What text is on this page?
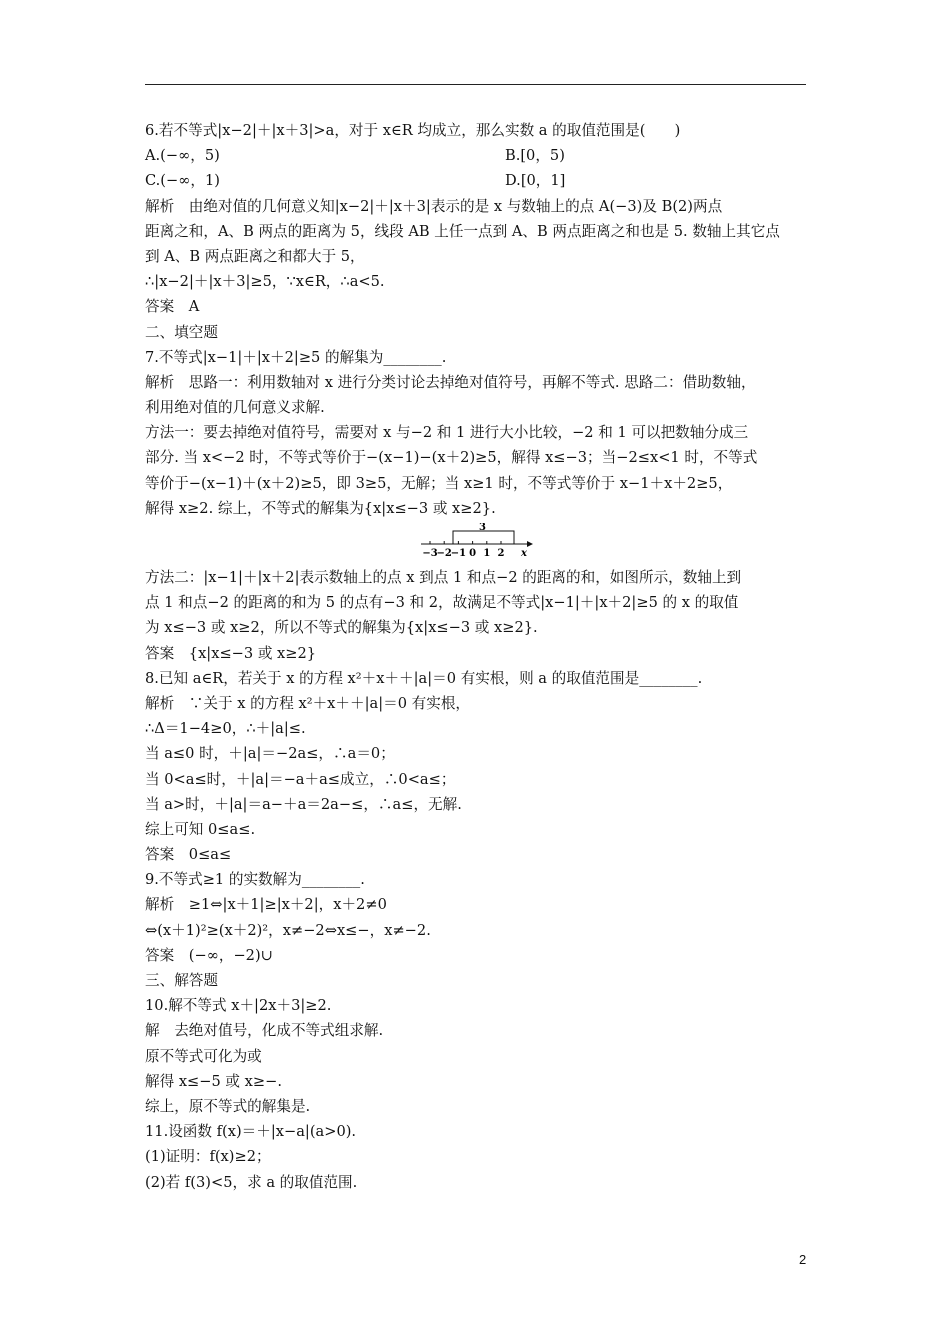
6.若不等式|x−2|＋|x＋3|>a，对于 x∈R 均成立，那么实数 a 的取值范围是(　　)
A.(−∞，5)	B.[0，5)
C.(−∞，1)	D.[0，1]
解析　由绝对值的几何意义知|x−2|＋|x＋3|表示的是 x 与数轴上的点 A(−3)及 B(2)两点
距离之和，A、B 两点的距离为 5，线段 AB 上任一点到 A、B 两点距离之和也是 5. 数轴上其它点
到 A、B 两点距离之和都大于 5，
∴|x−2|＋|x＋3|≥5，∵x∈R，∴a<5.
答案　A
二、填空题
7.不等式|x−1|＋|x＋2|≥5 的解集为________.
解析　思路一：利用数轴对 x 进行分类讨论去掉绝对值符号，再解不等式. 思路二：借助数轴，
利用绝对值的几何意义求解.
方法一：要去掉绝对值符号，需要对 x 与−2 和 1 进行大小比较，−2 和 1 可以把数轴分成三
部分. 当 x<−2 时，不等式等价于−(x−1)−(x＋2)≥5，解得 x≤−3；当−2≤x<1 时，不等式
等价于−(x−1)＋(x＋2)≥5，即 3≥5，无解；当 x≥1 时，不等式等价于 x−1＋x＋2≥5，
解得 x≥2. 综上，不等式的解集为{x|x≤−3 或 x≥2}.
3
−3
−2
−1 0 1 2 x
方法二：|x−1|＋|x＋2|表示数轴上的点 x 到点 1 和点−2 的距离的和，如图所示，数轴上到
点 1 和点−2 的距离的和为 5 的点有−3 和 2，故满足不等式|x−1|＋|x＋2|≥5 的 x 的取值
为 x≤−3 或 x≥2，所以不等式的解集为{x|x≤−3 或 x≥2}.
答案　{x|x≤−3 或 x≥2}
8.已知 a∈R，若关于 x 的方程 x²＋x＋＋|a|＝0 有实根，则 a 的取值范围是________.
解析　∵关于 x 的方程 x²＋x＋＋|a|＝0 有实根，
∴Δ＝1−4≥0，∴＋|a|≤.
当 a≤0 时，＋|a|＝−2a≤，∴a＝0；
当 0<a≤时，＋|a|＝−a＋a≤成立，∴0<a≤；
当 a>时，＋|a|＝a−＋a＝2a−≤，∴a≤，无解.
综上可知 0≤a≤.
答案　0≤a≤
9.不等式≥1 的实数解为________.
解析　≥1⇔|x＋1|≥|x＋2|，x＋2≠0
⇔(x＋1)²≥(x＋2)²，x≠−2⇔x≤−，x≠−2.
答案　(−∞，−2)∪
三、解答题
10.解不等式 x＋|2x＋3|≥2.
解　去绝对值号，化成不等式组求解.
原不等式可化为或
解得 x≤−5 或 x≥−.
综上，原不等式的解集是.
11.设函数 f(x)＝＋|x−a|(a>0).
(1)证明：f(x)≥2；
(2)若 f(3)<5，求 a 的取值范围.
2
